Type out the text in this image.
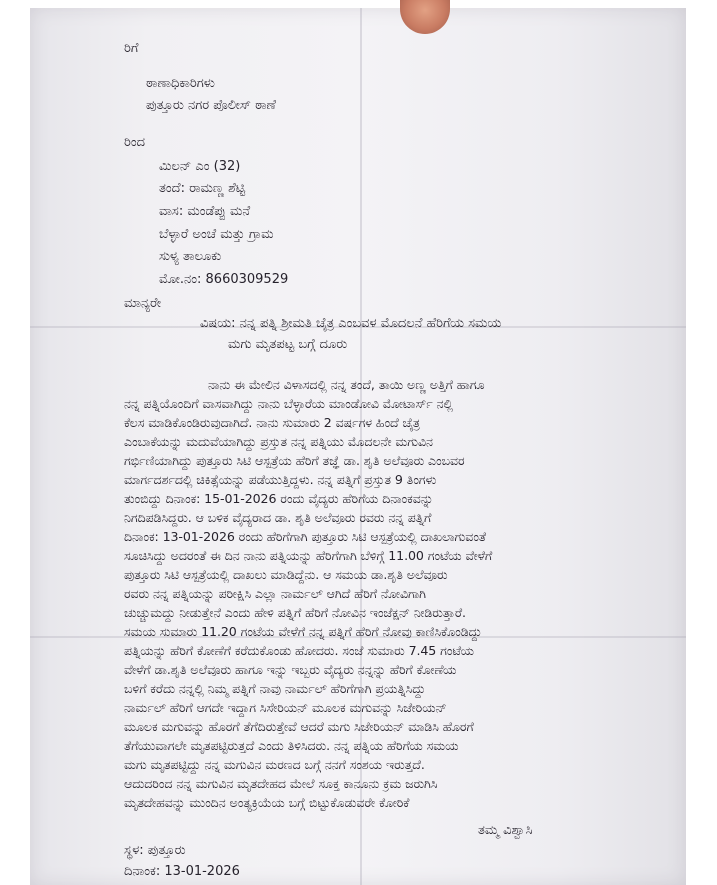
ರಿಗೆ
ಠಾಣಾಧಿಕಾರಿಗಳು
ಪುತ್ತೂರು ನಗರ ಪೊಲೀಸ್ ಠಾಣೆ
ರಿಂದ
ಮಿಲನ್ ಎಂ (32)
ತಂದೆ: ರಾಮಣ್ಣ ಶೆಟ್ಟಿ
ವಾಸ: ಮಂಡೆಪ್ಪು ಮನೆ
ಬೆಳ್ಳಾರೆ ಅಂಚೆ ಮತ್ತು ಗ್ರಾಮ
ಸುಳ್ಯ ತಾಲೂಕು
ಮೋ.ನಂ: 8660309529
ಮಾನ್ಯರೇ
ವಿಷಯ: ನನ್ನ ಪತ್ನಿ ಶ್ರೀಮತಿ ಚೈತ್ರ ಎಂಬವಳ ಮೊದಲನೆ ಹೆರಿಗೆಯ ಸಮಯ
ಮಗು ಮೃತಪಟ್ಟ ಬಗ್ಗೆ ದೂರು
ನಾನು ಈ ಮೇಲಿನ ವಿಳಾಸದಲ್ಲಿ ನನ್ನ ತಂದೆ, ತಾಯಿ ಅಣ್ಣ ಅತ್ತಿಗೆ ಹಾಗೂ
ನನ್ನ ಪತ್ನಿಯೊಂದಿಗೆ ವಾಸವಾಗಿದ್ದು ನಾನು ಬೆಳ್ಳಾರೆಯ ಮಾಂಡೋವಿ ಮೋಟಾರ್ಸ್ ನಲ್ಲಿ
ಕೆಲಸ ಮಾಡಿಕೊಂಡಿರುವುದಾಗಿದೆ. ನಾನು ಸುಮಾರು 2 ವರ್ಷಗಳ ಹಿಂದೆ ಚೈತ್ರ
ಎಂಬಾಕೆಯನ್ನು ಮದುವೆಯಾಗಿದ್ದು ಪ್ರಸ್ತುತ ನನ್ನ ಪತ್ನಿಯು ಮೊದಲನೇ ಮಗುವಿನ
ಗರ್ಭಿಣಿಯಾಗಿದ್ದು ಪುತ್ತೂರು ಸಿಟಿ ಆಸ್ಪತ್ರೆಯ ಹೆರಿಗೆ ತಜ್ಞೆ ಡಾ. ಶೃತಿ ಅಲೆವೂರು ಎಂಬವರ
ಮಾರ್ಗದರ್ಶದಲ್ಲಿ ಚಿಕಿತ್ಸೆಯನ್ನು ಪಡೆಯುತ್ತಿದ್ದಳು. ನನ್ನ ಪತ್ನಿಗೆ ಪ್ರಸ್ತುತ 9 ತಿಂಗಳು
ತುಂಬಿದ್ದು ದಿನಾಂಕ: 15-01-2026 ರಂದು ವೈದ್ಯರು ಹೆರಿಗೆಯ ದಿನಾಂಕವನ್ನು
ನಿಗದಿಪಡಿಸಿದ್ದರು. ಆ ಬಳಿಕ ವೈದ್ಯರಾದ ಡಾ. ಶೃತಿ ಅಲೆವೂರು ರವರು ನನ್ನ ಪತ್ನಿಗೆ
ದಿನಾಂಕ: 13-01-2026 ರಂದು ಹೆರಿಗೆಗಾಗಿ ಪುತ್ತೂರು ಸಿಟಿ ಆಸ್ಪತ್ರೆಯಲ್ಲಿ ದಾಖಲಾಗುವಂತೆ
ಸೂಚಿಸಿದ್ದು ಅದರಂತೆ ಈ ದಿನ ನಾನು ಪತ್ನಿಯನ್ನು ಹೆರಿಗೆಗಾಗಿ ಬೆಳಿಗ್ಗೆ 11.00 ಗಂಟೆಯ ವೇಳೆಗೆ
ಪುತ್ತೂರು ಸಿಟಿ ಆಸ್ಪತ್ರೆಯಲ್ಲಿ ದಾಖಲು ಮಾಡಿದ್ದೆನು. ಆ ಸಮಯ ಡಾ.ಶೃತಿ ಅಲೆವೂರು
ರವರು ನನ್ನ ಪತ್ನಿಯನ್ನು ಪರೀಕ್ಷಿಸಿ ಎಲ್ಲಾ ನಾರ್ಮಲ್ ಆಗಿದೆ ಹೆರಿಗೆ ನೋವಿಗಾಗಿ
ಚುಚ್ಚುಮದ್ದು ನೀಡುತ್ತೇನೆ ಎಂದು ಹೇಳಿ ಪತ್ನಿಗೆ ಹೆರಿಗೆ ನೋವಿನ ಇಂಜೆಕ್ಷನ್ ನೀಡಿರುತ್ತಾರೆ.
ಸಮಯ ಸುಮಾರು 11.20 ಗಂಟೆಯ ವೇಳೆಗೆ ನನ್ನ ಪತ್ನಿಗೆ ಹೆರಿಗೆ ನೋವು ಕಾಣಿಸಿಕೊಂಡಿದ್ದು
ಪತ್ನಿಯನ್ನು ಹೆರಿಗೆ ಕೋಣೆಗೆ ಕರೆದುಕೊಂಡು ಹೋದರು. ಸಂಜೆ ಸುಮಾರು 7.45 ಗಂಟೆಯ
ವೇಳೆಗೆ ಡಾ.ಶೃತಿ ಅಲೆವೂರು ಹಾಗೂ ಇನ್ನು ಇಬ್ಬರು ವೈದ್ಯರು ನನ್ನನ್ನು ಹೆರಿಗೆ ಕೋಣೆಯ
ಬಳಿಗೆ ಕರೆದು ನನ್ನಲ್ಲಿ ನಿಮ್ಮ ಪತ್ನಿಗೆ ನಾವು ನಾರ್ಮಲ್ ಹೆರಿಗೆಗಾಗಿ ಪ್ರಯತ್ನಿಸಿದ್ದು
ನಾರ್ಮಲ್ ಹೆರಿಗೆ ಆಗದೇ ಇದ್ದಾಗ ಸಿಸೇರಿಯನ್ ಮೂಲಕ ಮಗುವನ್ನು ಸಿಜೇರಿಯನ್
ಮೂಲಕ ಮಗುವನ್ನು ಹೊರಗೆ ತೆಗೆದಿರುತ್ತೇವೆ ಆದರೆ ಮಗು ಸಿಜೇರಿಯನ್ ಮಾಡಿಸಿ ಹೊರಗೆ
ತೆಗೆಯುವಾಗಲೇ ಮೃತಪಟ್ಟಿರುತ್ತದೆ ಎಂದು ತಿಳಿಸಿದರು. ನನ್ನ ಪತ್ನಿಯ ಹೆರಿಗೆಯ ಸಮಯ
ಮಗು ಮೃತಪಟ್ಟಿದ್ದು ನನ್ನ ಮಗುವಿನ ಮರಣದ ಬಗ್ಗೆ ನನಗೆ ಸಂಶಯ ಇರುತ್ತದೆ.
ಆದುದರಿಂದ ನನ್ನ ಮಗುವಿನ ಮೃತದೇಹದ ಮೇಲೆ ಸೂಕ್ತ ಕಾನೂನು ಕ್ರಮ ಜರುಗಿಸಿ
ಮೃತದೇಹವನ್ನು ಮುಂದಿನ ಅಂತ್ಯಕ್ರಿಯೆಯ ಬಗ್ಗೆ ಬಿಟ್ಟುಕೊಡುವರೇ ಕೋರಿಕೆ
ತಮ್ಮ ವಿಶ್ವಾಸಿ
ಸ್ಥಳ: ಪುತ್ತೂರು
ದಿನಾಂಕ: 13-01-2026
